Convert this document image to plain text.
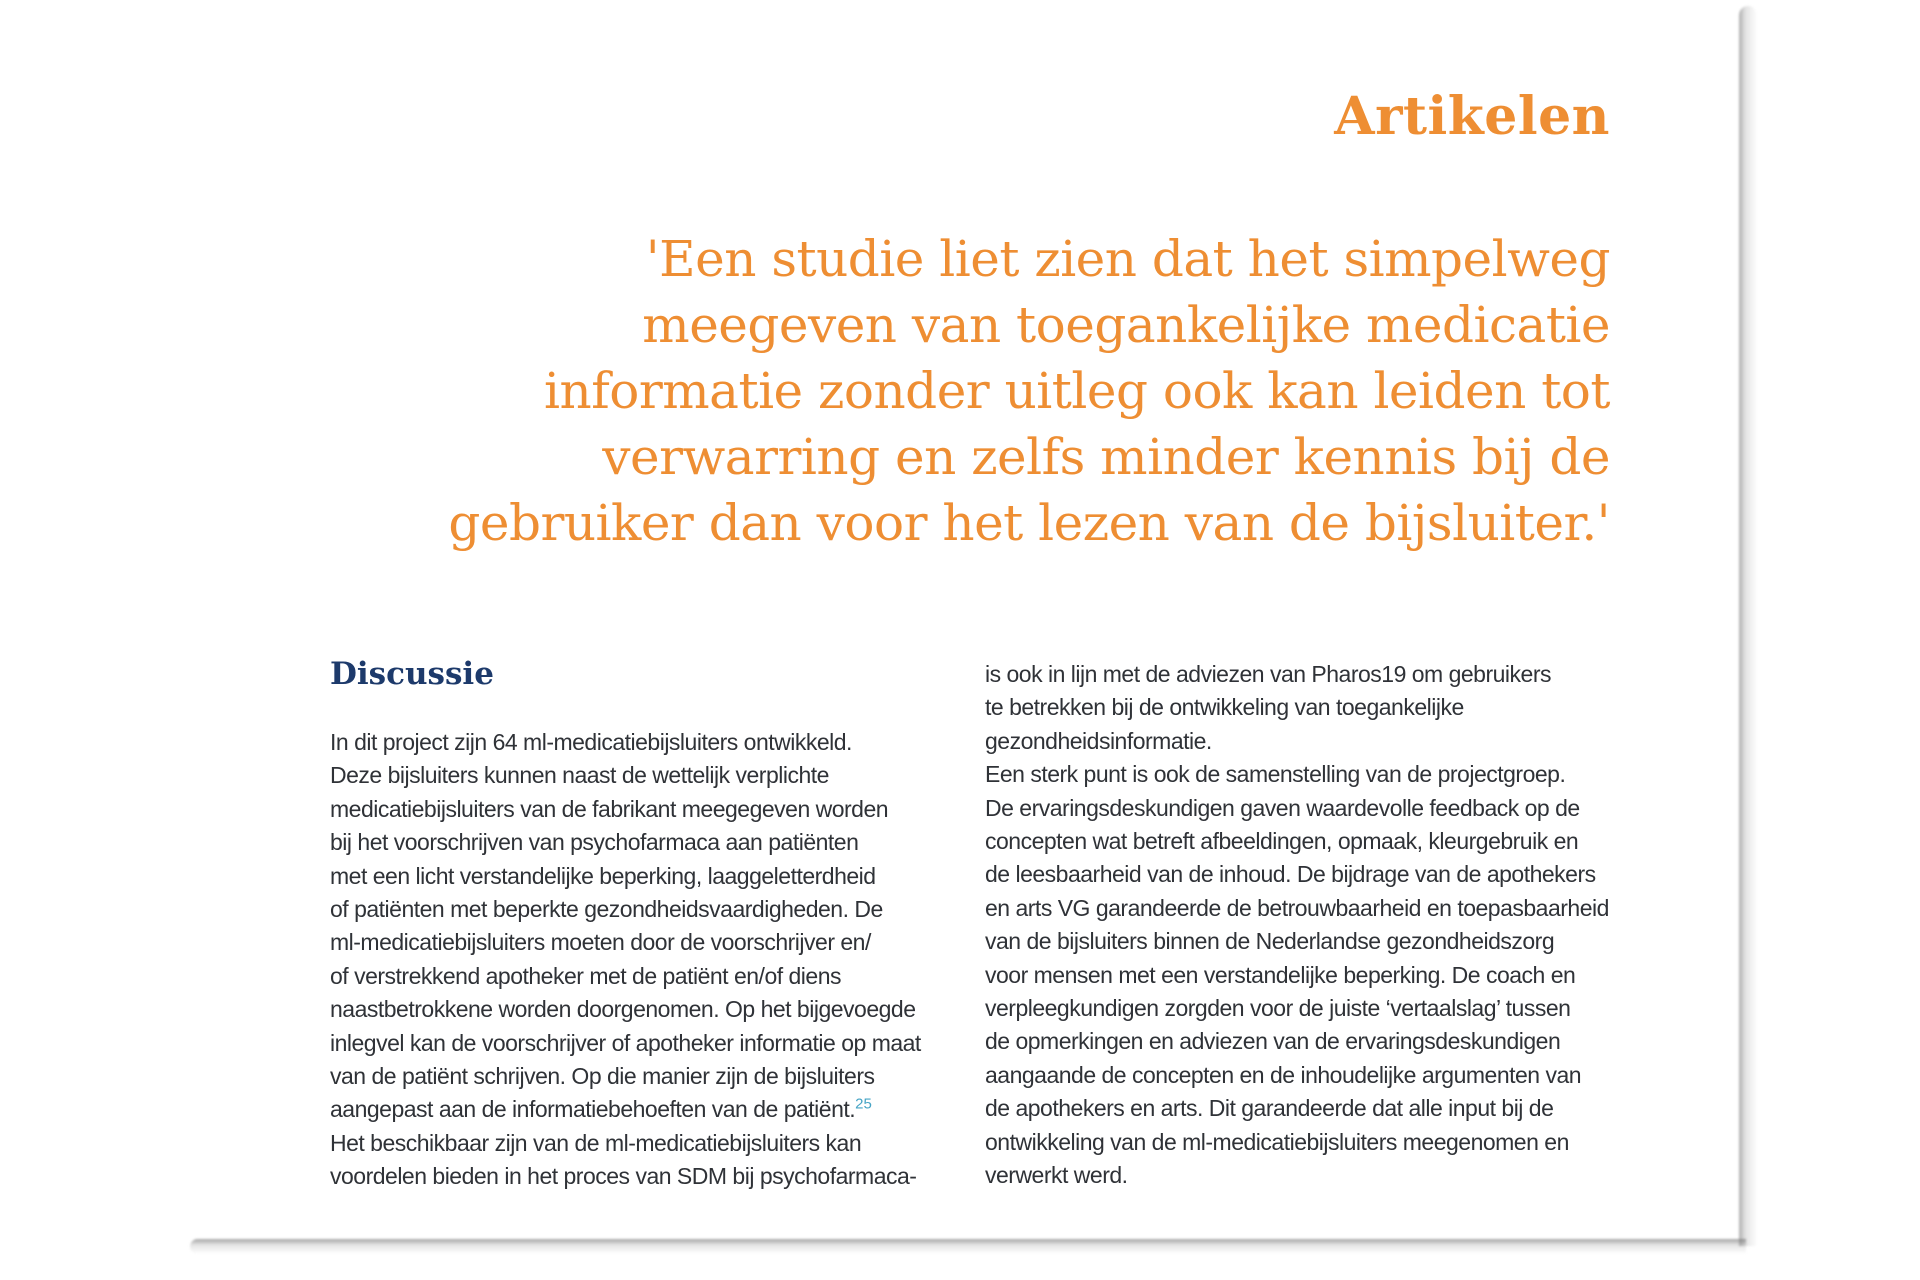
Artikelen
'Een studie liet zien dat het simpelweg
meegeven van toegankelijke medicatie
informatie zonder uitleg ook kan leiden tot
verwarring en zelfs minder kennis bij de
gebruiker dan voor het lezen van de bijsluiter.'
Discussie
In dit project zijn 64 ml-medicatiebijsluiters ontwikkeld.
Deze bijsluiters kunnen naast de wettelijk verplichte
medicatiebijsluiters van de fabrikant meegegeven worden
bij het voorschrijven van psychofarmaca aan patiënten
met een licht verstandelijke beperking, laaggeletterdheid
of patiënten met beperkte gezondheidsvaardigheden. De
ml-medicatiebijsluiters moeten door de voorschrijver en/
of verstrekkend apotheker met de patiënt en/of diens
naastbetrokkene worden doorgenomen. Op het bijgevoegde
inlegvel kan de voorschrijver of apotheker informatie op maat
van de patiënt schrijven. Op die manier zijn de bijsluiters
aangepast aan de informatiebehoeften van de patiënt.$^{25}$
Het beschikbaar zijn van de ml-medicatiebijsluiters kan
voordelen bieden in het proces van SDM bij psychofarmaca-
is ook in lijn met de adviezen van Pharos19 om gebruikers
te betrekken bij de ontwikkeling van toegankelijke
gezondheidsinformatie.
Een sterk punt is ook de samenstelling van de projectgroep.
De ervaringsdeskundigen gaven waardevolle feedback op de
concepten wat betreft afbeeldingen, opmaak, kleurgebruik en
de leesbaarheid van de inhoud. De bijdrage van de apothekers
en arts VG garandeerde de betrouwbaarheid en toepasbaarheid
van de bijsluiters binnen de Nederlandse gezondheidszorg
voor mensen met een verstandelijke beperking. De coach en
verpleegkundigen zorgden voor de juiste ‘vertaalslag’ tussen
de opmerkingen en adviezen van de ervaringsdeskundigen
aangaande de concepten en de inhoudelijke argumenten van
de apothekers en arts. Dit garandeerde dat alle input bij de
ontwikkeling van de ml-medicatiebijsluiters meegenomen en
verwerkt werd.
